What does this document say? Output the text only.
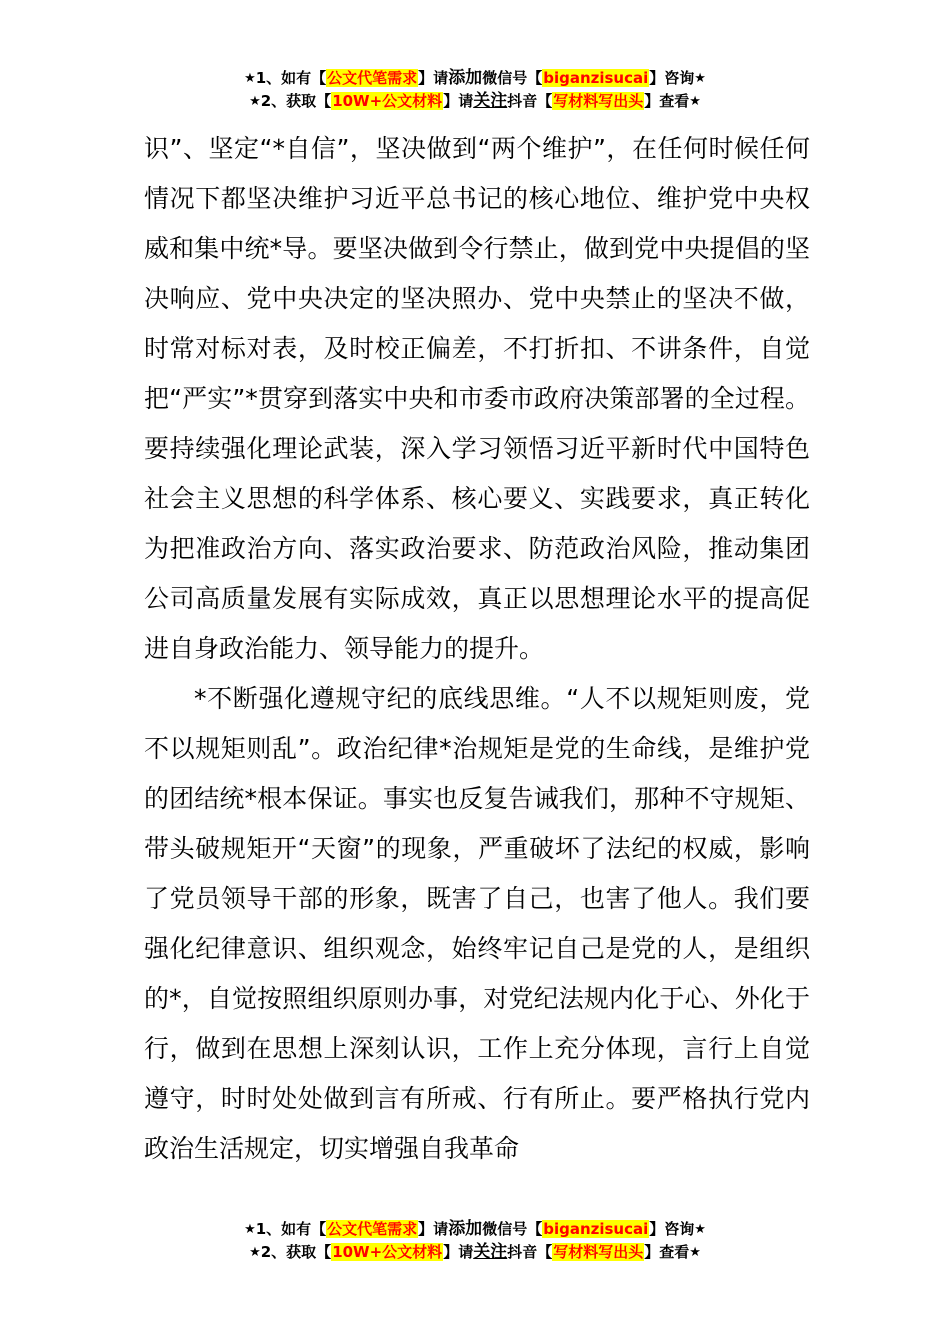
★1、如有【公文代笔需求】请添加微信号【biganzisucai】咨询★
★2、获取【10W+公文材料】请关注抖音【写材料写出头】查看★

识”、坚定“*自信”，坚决做到“两个维护”，在任何时候任何情况下都坚决维护习近平总书记的核心地位、维护党中央权威和集中统*导。要坚决做到令行禁止，做到党中央提倡的坚决响应、党中央决定的坚决照办、党中央禁止的坚决不做，时常对标对表，及时校正偏差，不打折扣、不讲条件，自觉把“严实”*贯穿到落实中央和市委市政府决策部署的全过程。要持续强化理论武装，深入学习领悟习近平新时代中国特色社会主义思想的科学体系、核心要义、实践要求，真正转化为把准政治方向、落实政治要求、防范政治风险，推动集团公司高质量发展有实际成效，真正以思想理论水平的提高促进自身政治能力、领导能力的提升。

*不断强化遵规守纪的底线思维。“人不以规矩则废，党不以规矩则乱”。政治纪律*治规矩是党的生命线，是维护党的团结统*根本保证。事实也反复告诫我们，那种不守规矩、带头破规矩开“天窗”的现象，严重破坏了法纪的权威，影响了党员领导干部的形象，既害了自己，也害了他人。我们要强化纪律意识、组织观念，始终牢记自己是党的人，是组织的*，自觉按照组织原则办事，对党纪法规内化于心、外化于行，做到在思想上深刻认识，工作上充分体现，言行上自觉遵守，时时处处做到言有所戒、行有所止。要严格执行党内政治生活规定，切实增强自我革命

★1、如有【公文代笔需求】请添加微信号【biganzisucai】咨询★
★2、获取【10W+公文材料】请关注抖音【写材料写出头】查看★
